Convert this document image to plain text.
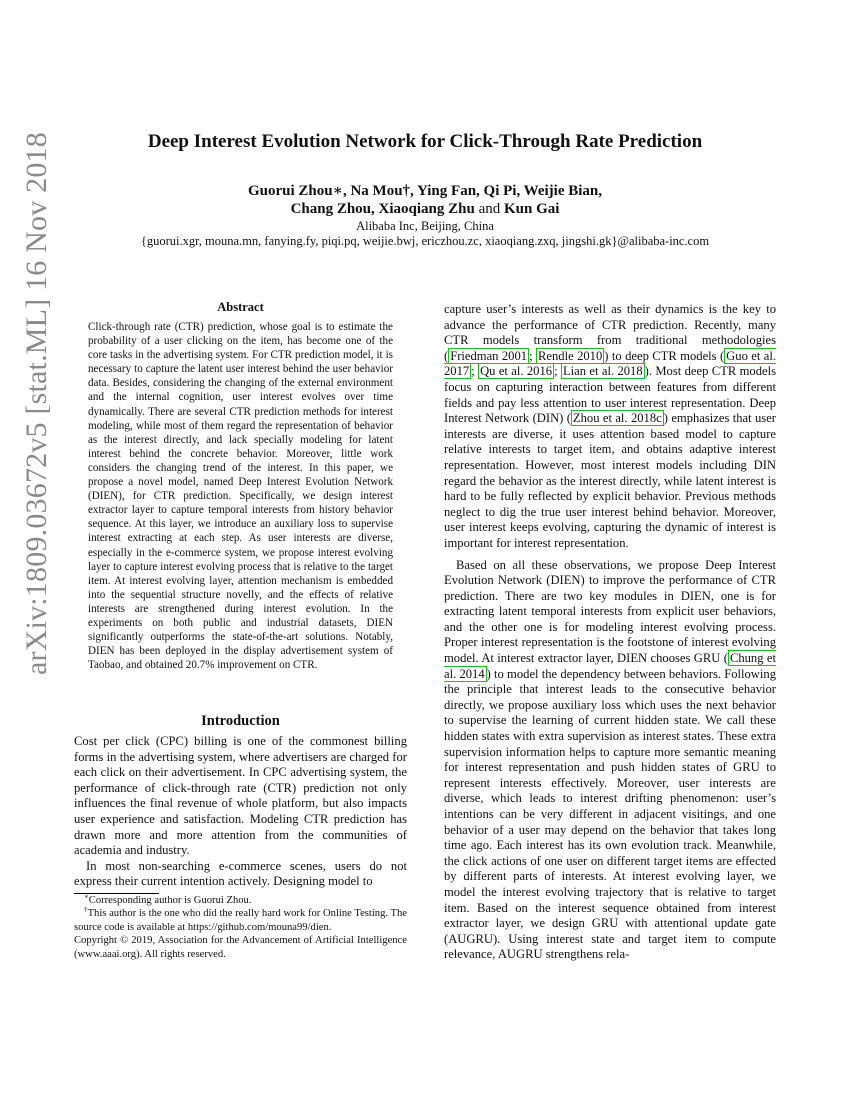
Deep Interest Evolution Network for Click-Through Rate Prediction
Guorui Zhou∗, Na Mou†, Ying Fan, Qi Pi, Weijie Bian,
Chang Zhou, Xiaoqiang Zhu and Kun Gai
Alibaba Inc, Beijing, China
{guorui.xgr, mouna.mn, fanying.fy, piqi.pq, weijie.bwj, ericzhou.zc, xiaoqiang.zxq, jingshi.gk}@alibaba-inc.com
arXiv:1809.03672v5 [stat.ML] 16 Nov 2018	Abstract
Click-through rate (CTR) prediction, whose goal is to estimate the probability of a user clicking on the item, has become one of the core tasks in the advertising system. For CTR prediction model, it is necessary to capture the latent user interest behind the user behavior data. Besides, considering the changing of the external environment and the internal cognition, user interest evolves over time dynamically. There are several CTR prediction methods for interest modeling, while most of them regard the representation of behavior as the interest directly, and lack specially modeling for latent interest behind the concrete behavior. Moreover, little work considers the changing trend of the interest. In this paper, we propose a novel model, named Deep Interest Evolution Network (DIEN), for CTR prediction. Specifically, we design interest extractor layer to capture temporal interests from history behavior sequence. At this layer, we introduce an auxiliary loss to supervise interest extracting at each step. As user interests are diverse, especially in the e-commerce system, we propose interest evolving layer to capture interest evolving process that is relative to the target item. At interest evolving layer, attention mechanism is embedded into the sequential structure novelly, and the effects of relative interests are strengthened during interest evolution. In the experiments on both public and industrial datasets, DIEN significantly outperforms the state-of-the-art solutions. Notably, DIEN has been deployed in the display advertisement system of Taobao, and obtained 20.7% improvement on CTR.
Introduction

Cost per click (CPC) billing is one of the commonest billing forms in the advertising system, where advertisers are charged for each click on their advertisement. In CPC advertising system, the performance of click-through rate (CTR) prediction not only influences the final revenue of whole platform, but also impacts user experience and satisfaction. Modeling CTR prediction has drawn more and more attention from the communities of academia and industry.

In most non-searching e-commerce scenes, users do not express their current intention actively. Designing model to

∗Corresponding author is Guorui Zhou.

†This author is the one who did the really hard work for Online Testing. The source code is available at https://github.com/mouna99/dien.

Copyright © 2019, Association for the Advancement of Artificial Intelligence (www.aaai.org). All rights reserved.

capture user’s interests as well as their dynamics is the key to advance the performance of CTR prediction. Recently, many CTR models transform from traditional methodologies ( Friedman 2001 ; Rendle 2010 ) to deep CTR models ( Guo et al. 2017 ; Qu et al. 2016 ; Lian et al. 2018 ). Most deep CTR models focus on capturing interaction between features from different fields and pay less attention to user interest representation. Deep Interest Network (DIN) ( Zhou et al. 2018c ) emphasizes that user interests are diverse, it uses attention based model to capture relative interests to target item, and obtains adaptive interest representation. However, most interest models including DIN regard the behavior as the interest directly, while latent interest is hard to be fully reflected by explicit behavior. Previous methods neglect to dig the true user interest behind behavior. Moreover, user interest keeps evolving, capturing the dynamic of interest is important for interest representation.

Based on all these observations, we propose Deep Interest Evolution Network (DIEN) to improve the performance of CTR prediction. There are two key modules in DIEN, one is for extracting latent temporal interests from explicit user behaviors, and the other one is for modeling interest evolving process. Proper interest representation is the footstone of interest evolving model. At interest extractor layer, DIEN chooses GRU ( Chung et al. 2014 ) to model the dependency between behaviors. Following the principle that interest leads to the consecutive behavior directly, we propose auxiliary loss which uses the next behavior to supervise the learning of current hidden state. We call these hidden states with extra supervision as interest states. These extra supervision information helps to capture more semantic meaning for interest representation and push hidden states of GRU to represent interests effectively. Moreover, user interests are diverse, which leads to interest drifting phenomenon: user’s intentions can be very different in adjacent visitings, and one behavior of a user may depend on the behavior that takes long time ago. Each interest has its own evolution track. Meanwhile, the click actions of one user on different target items are effected by different parts of interests. At interest evolving layer, we model the interest evolving trajectory that is relative to target item. Based on the interest sequence obtained from interest extractor layer, we design GRU with attentional update gate (AUGRU). Using interest state and target item to compute relevance, AUGRU strengthens rela-
